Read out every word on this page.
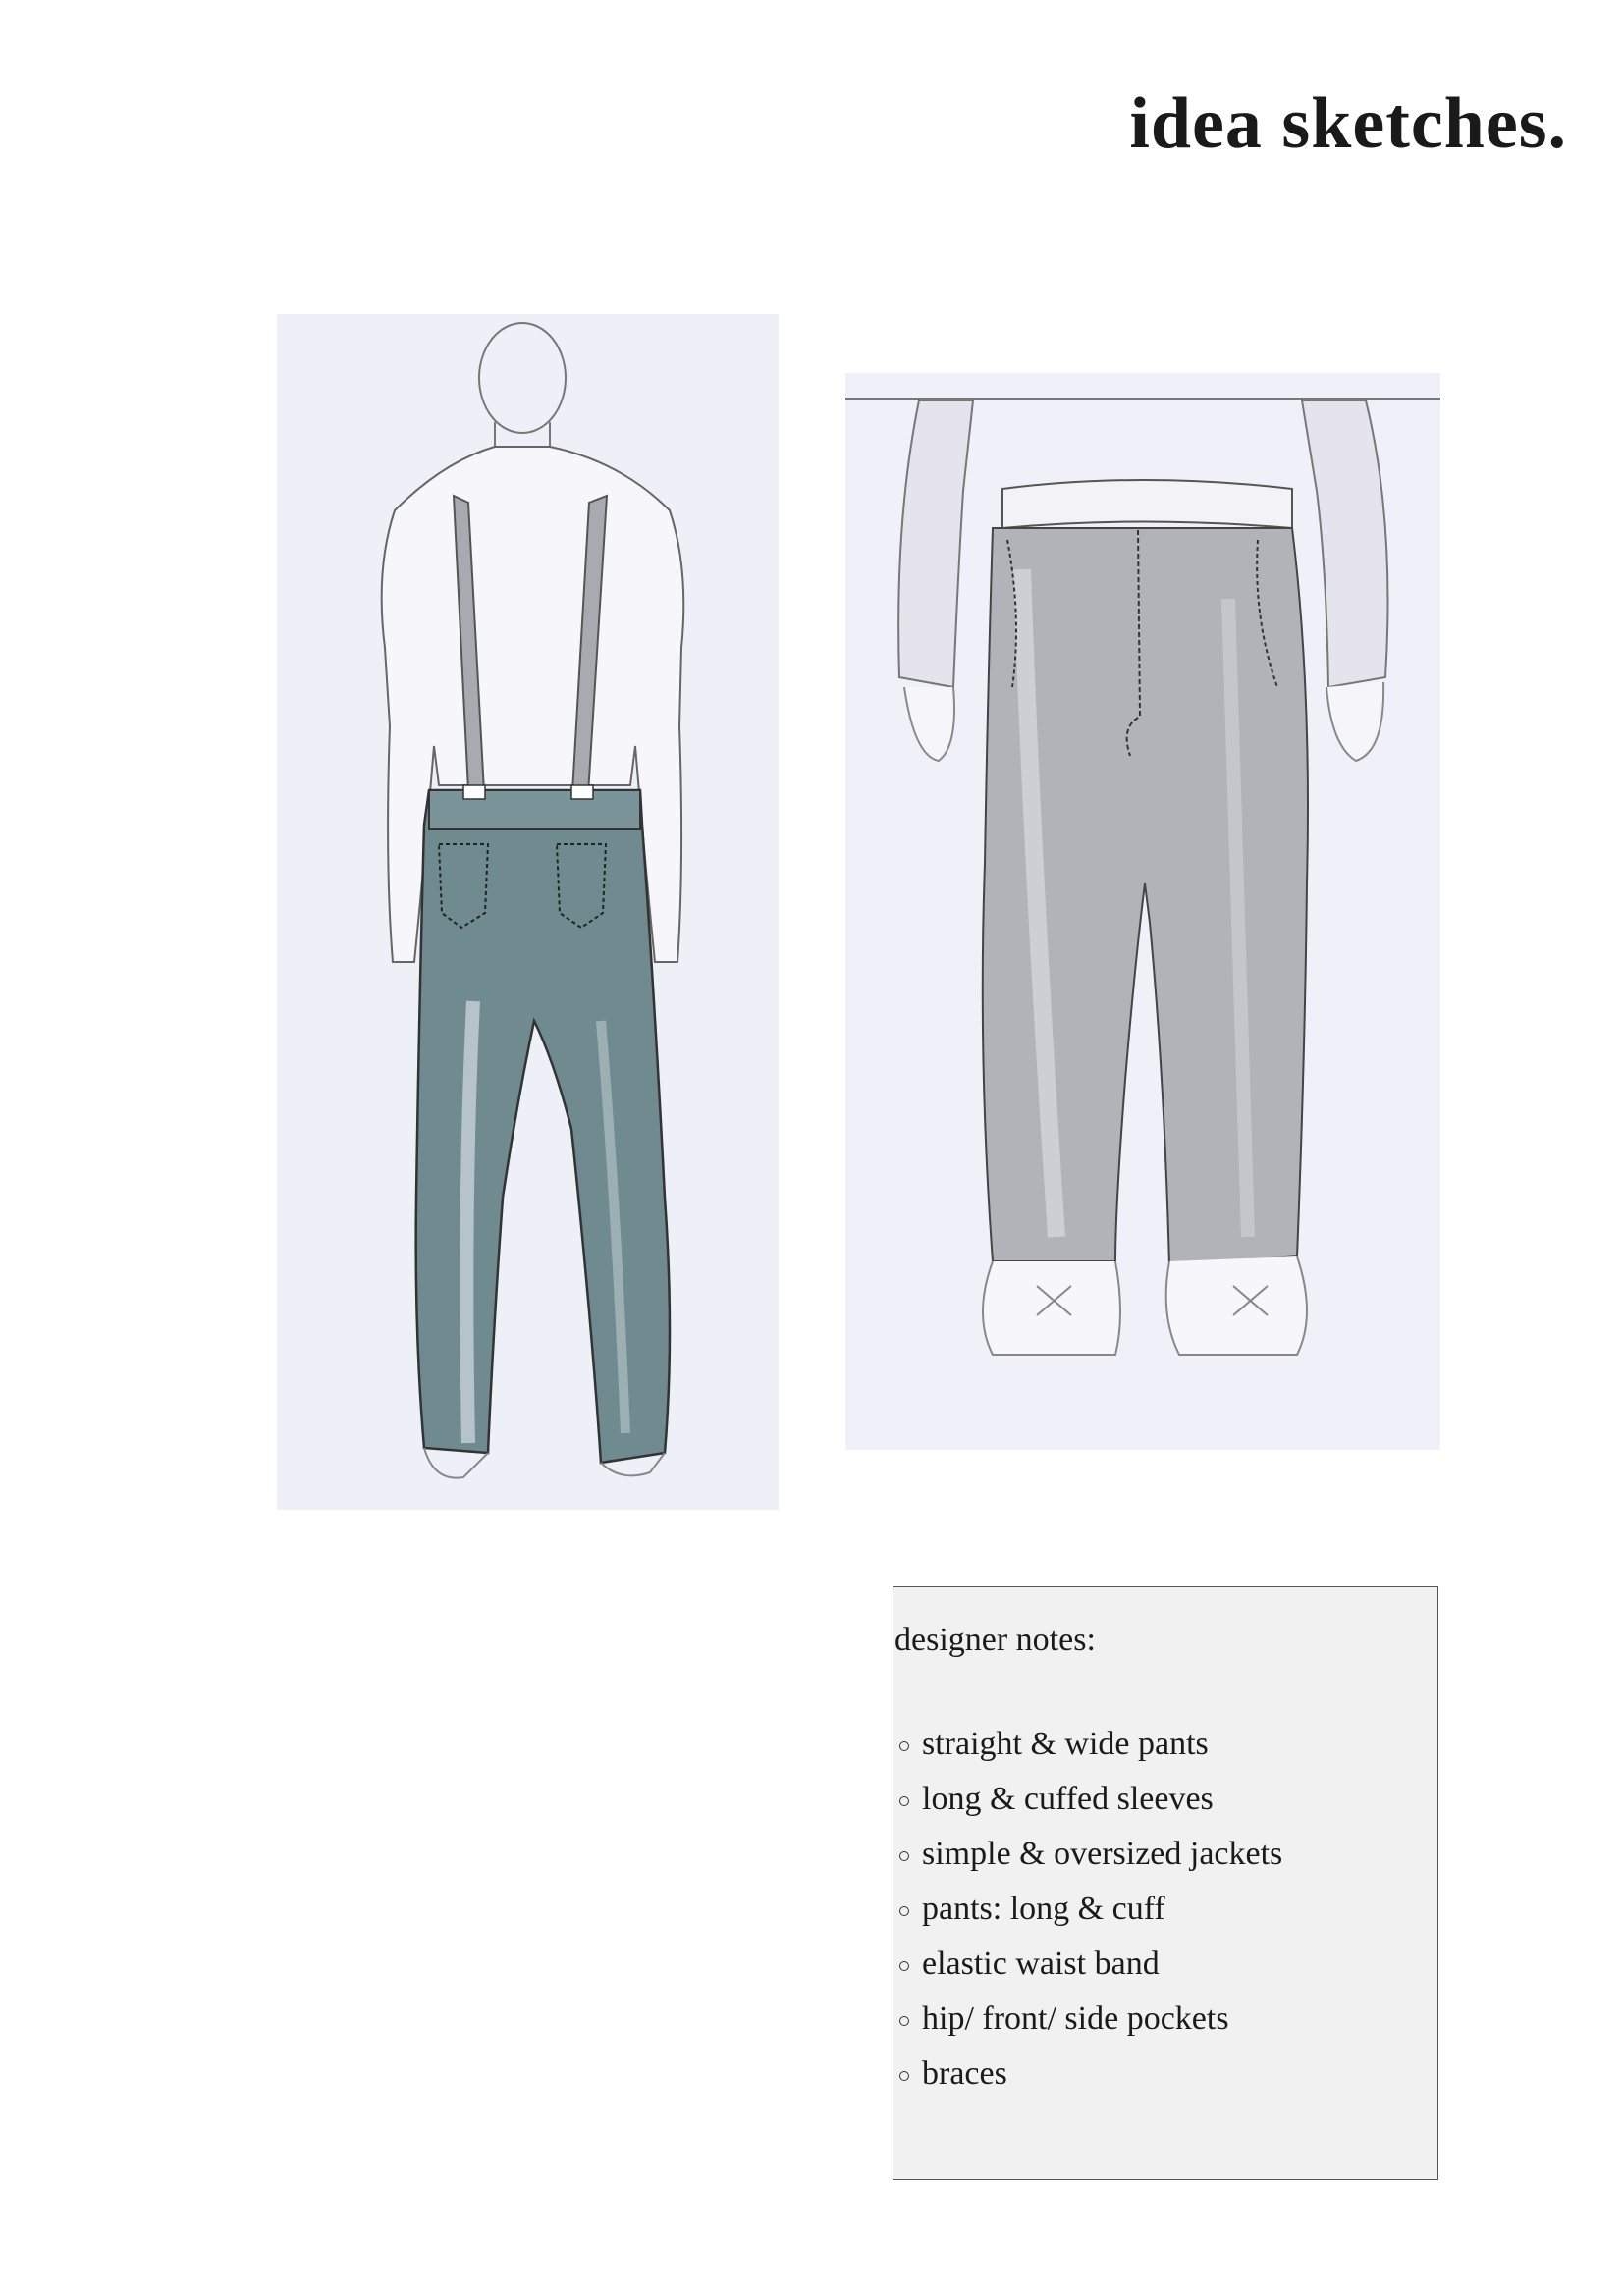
idea sketches.
designer notes:
straight & wide pants
long & cuffed sleeves
simple & oversized jackets
pants: long & cuff
elastic waist band
hip/ front/ side pockets
braces
